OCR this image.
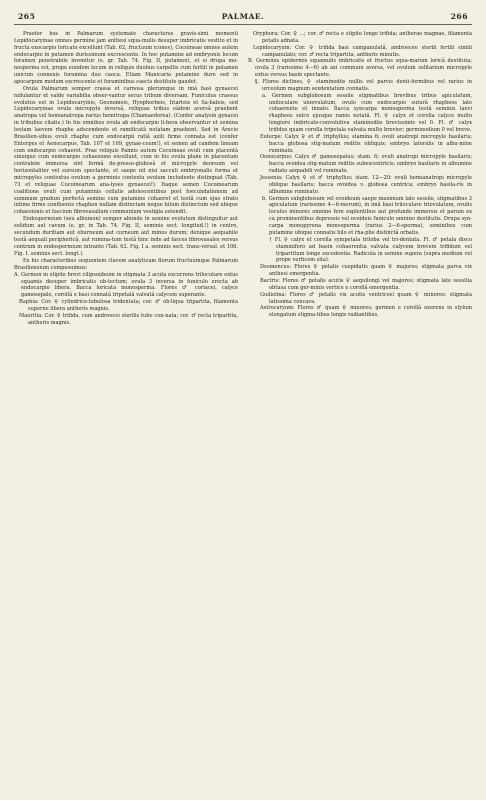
265	PALMAE.	266

Praeter hos in Palmarum systemate characteres gravis-simi momenti Lepidocaryinae omnes germine jam anthesi squa-mulis desuper imbricatis vestito et in fructu exocarpio loricato excellunt (Tab. 62, fructuum icones), Cocoineae omnes autem endocarpio in putamen durissimum excrescente. In hoc putamine ad embryonis locum foramen penetrabile invenitur (e. gr. Tab. 74. Fig. II, putamen), et si drupa mo-nosperma est, prope eundem locum in reliquis duobus carpellis cum fertili in putamen unicum connexis foramina duo caeca. Etiam Manicaria putamine duro sed in apocarpum modum excrescente et foraminibus caecis destitute gaudet.

Ovula Palmarum semper crassa et carnosa plerumque in imâ basi gynaecei nidulantur et valde variabilia obser-vantur secus tribum diversam. Funiculus crassus evolutus est in Lepidocaryinis, Geonomeis, Hyophorbeis, Iriarteis et Sa-baleis, sed Lepidocaryinae ovula micropyle inversâ, reliquae tribus eâdem aversâ praebent anatropa vel hemianatropa rarius hemitropa (Chamaedorea). (Confer analysin gynacei in tribubus citatis.) In his omnibus ovula ab endocarpio li-bera observantur et semina testam laevem rhaphe adscendente et ramificatâ notatam praebent. Sed in Arecio Brasilien-sibus ovuli rhaphe cum endocarpii ratiâ axili firme connata est (confer Enterpes et Aenocarpus, Tab. 107 et 109, gynae-ceum!), et semen ad candem lineam cum endocarpio cohaeret. Prae reliquis Palmis autem Cocoineae ovuli cum placentâ sinuique cum endocarpio cohaesione excellunt, cum in his ovula plane in placentam centralem immersa sint formâ de-presso-globosâ et micropyle deorsum vel horizontaliter vel sursum spectante, et saepe nil nisi sacculi embryonalis forma et micropyles contextus ovulum a germinis contextu ovulum includente distinguat (Tab. 73 et reliquae Cocoinearum ana-lyses gynaecei!). Itaque semen Cocoinearum coalitione ovuli cum putaminis cellulis adolescentibus post foecundationem ad summum gradum perfectâ semine cum putamine cohaeret et testâ cum ejus strato intime firme confluente rhaphen nullam distinctam neque hilum distinctum sed ubique cohaesionis et fascium fibrovasallum communium vestigia ostendit.

Endospermium (seu albumen) semper abunde in semine evolutum distinguitur aut solidum aut cavum (e. gr. in Tab. 74. Fig. II, seminis sect. longitud.!) in centro, secundum duritiam aut eburneum aut corneum aut minus durum; denique aequabile testâ aequali periphericâ, aut rumina-tum testâ hinc inde ad fasces fibrovasales versus centrum in endospermium intrante (Tab. 62. Fig. I a. seminis sect. trans-versal. et 108. Fig. I. seminis sect. longt.).

Ex his characteribus sequentem clavem analyticam florum fructuumque Palmarum Brasiliensium composuimus:

A. Germen in stipite brevi cilipsoideum in stigmata 3 acuta excurrens trilocutare extus squamis desuper imbricatis ob-tectum; ovula 3 inversa in funiculo erecta ab endocarpio libera. Bacca loricata monosperma. Flores ♂ coriacei, calyce gamosepalo, corollâ e basi connatâ tripetalâ valvatâ calycem superante.

Raphia: Cor. ♀ cylindrico-tubulosa tridentata; cor. ♂ ob-liqua tripartita, filamenta superne libera antheris magnis.

Mauritia: Cor. ♀ trifida, cum androecei sterilis tubo con-nata; cor. ♂ recta tripartita, antheris magnis.

Oryphora: Cor. ♀ ...; cor. ♂ recta e stipite longe trifida; antherae magnae, filamenta petalis adnata.

Lepidocaryum: Cor. ♀ trifida basi campanulatâ, androeceo sterili fertili simili campanulato; cor. ♂ recta tripartita, antheris minutis.

B. Germinis epidermis squamulis imbricatis et fructus squa-marum loricâ destituta; ovula 3 (rarissime 4—6) ab axi communi aversa, vel ovulum solitarium micropyle extus versus basin spectante.

§. Flores diclines, ♀ staminodiis nullis vel parvis denti-formibus vel rarius in urceolum magnum sexdentatum connatis.

a. Germen subglobosum sessile stigmatibus brevibus tribus apiculatum, uniloculare uniovulatum, ovulo cum endocarpio suturâ rhapheos late cohaerente et innato. Bacca syncarpa monosperma testâ seminis laevi rhapheos sulco ejusque ramis notatâ. Fl. ♀ calyx et corolla calyce multo longiore imbricato-convolutiva staminodiis brevissimis vel 0. Fl. ♂ calyx trifidus quam corolla tripetala valvata multo brevior; germinodium 0 vel breve.

Euterpe: Calyx ♀ et ♂ triphyllus; stamina 6; ovuli anatropi micropyle basilaris; bacca globosa stig-matum reditis obliquis; embryo lateralis in albu-mine ruminato.

Oenocarpus: Calyx ♂ gamosepalus; stam. 6; ovuli anatropi micropyle basilaris; bacca ovoidea stig-matum reditis subexcentricis; embryo basilaris in albumine radiato aequabili vel ruminato.

Jessenia: Calyx ♀ et ♂ triphyllus; stam. 12—20; ovuli hemianatropi micropyle oblique basilaris; bacca ovoidea v. globosa centrica; embryo basila-ris in albumine ruminato.

b. Germen subglobosum vel ovoideum saepe maximum late sessile, stigmatibus 3 apiculatum (rarissime 4—6-merum), in imâ basi triloculare triovulatum, ovulis loculos minores omnino fere explentibus aut profunde immersis et parum ex cà prominentibus depressis vel ovoideis funiculo omnino destitutis. Drupa syn-carpa monopyrena monosperma (rarius 2—6-sperma), seminibus cum putamine ubique connatis hilo et rha-phe distinctâ orbatis.

† Fl. ♀ calyx et corolla sympetala triloba vel tri-dentata. Fl. ♂ petala disco staminifero ad basin cohaerentia valvata calycem brevem trifidum vel tripartitum longe excedentia. Radicula in semine supera (supra medium vel prope verticem sita).

Desmoncus: Flores ♀ petalis cuspidatis quam ♀ majores; stigmata parva vix anthesi emergentia.

Bactris: Flores ♂ petalis acutis ♀ aequilongi vel majores; stigmata late sessilia obtusa cum ger-minis vertice e corollâ emergentia.

Guilielma: Flores ♂ petalis vix acutis ventricosi quam ♀ minores; stigmata latissima concava.

Astrocaryum: Flores ♂ quam ♀ minores; germen e corollâ exerens in stylum elongatum stigma-tibus longis radiantibus.
